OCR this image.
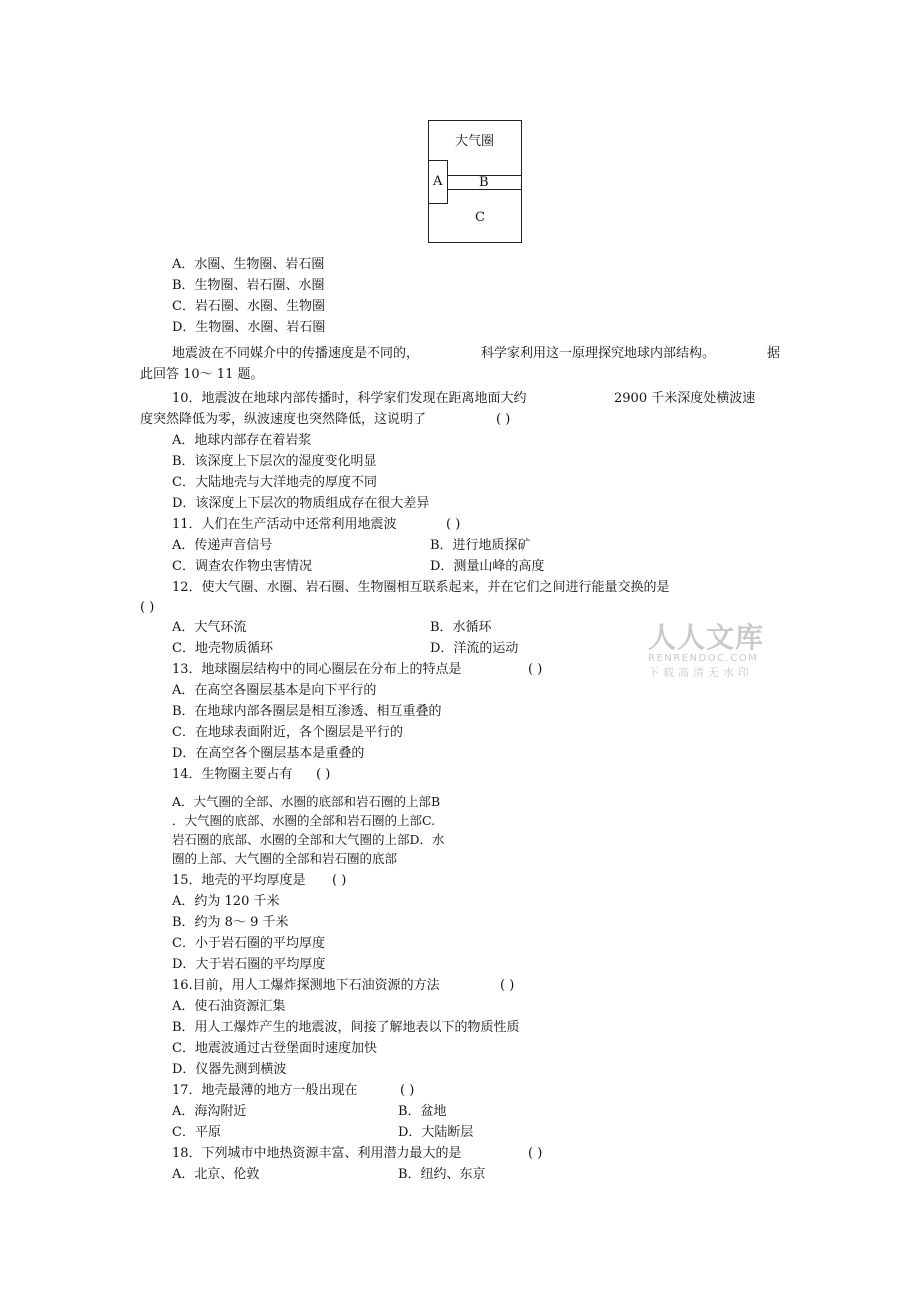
大气圈
A	B
C
A．水圈、生物圈、岩石圈
B．生物圈、岩石圈、水圈
C．岩石圈、水圈、生物圈
D．生物圈、水圈、岩石圈
地震波在不同媒介中的传播速度是不同的，	科学家利用这一原理探究地球内部结构。	据
此回答 10～ 11 题。
10．地震波在地球内部传播时，科学家们发现在距离地面大约	2900 千米深度处横波速
度突然降低为零，纵波速度也突然降低，这说明了	( )
A．地球内部存在着岩浆
B．该深度上下层次的湿度变化明显
C．大陆地壳与大洋地壳的厚度不同
D．该深度上下层次的物质组成存在很大差异
11．人们在生产活动中还常利用地震波	( )
A．传递声音信号	B．进行地质探矿
C．调查农作物虫害情况	D．测量山峰的高度
12．使大气圈、水圈、岩石圈、生物圈相互联系起来，并在它们之间进行能量交换的是
( )
A．大气环流	B．水循环
C．地壳物质循环	D．洋流的运动
13．地球圈层结构中的同心圈层在分布上的特点是	( )
A．在高空各圈层基本是向下平行的
B．在地球内部各圈层是相互渗透、相互重叠的
C．在地球表面附近，各个圈层是平行的
D．在高空各个圈层基本是重叠的
14．生物圈主要占有 ( )
A．大气圈的全部、水圈的底部和岩石圈的上部B
．大气圈的底部、水圈的全部和岩石圈的上部C.
岩石圈的底部、水圈的全部和大气圈的上部D．水
圈的上部、大气圈的全部和岩石圈的底部
15．地壳的平均厚度是 ( )
A．约为 120 千米
B．约为 8～ 9 千米
C．小于岩石圈的平均厚度
D．大于岩石圈的平均厚度
16.目前，用人工爆炸探测地下石油资源的方法	( )
A．使石油资源汇集
B．用人工爆炸产生的地震波，间接了解地表以下的物质性质
C．地震波通过古登堡面时速度加快
D．仪器先测到横波
17．地壳最薄的地方一般出现在	( )
A．海沟附近	B．盆地
C．平原	D．大陆断层
18．下列城市中地热资源丰富、利用潜力最大的是	( )
A．北京、伦敦	B．纽约、东京
人人文库
RENRENDOC.COM
下载高清无水印
